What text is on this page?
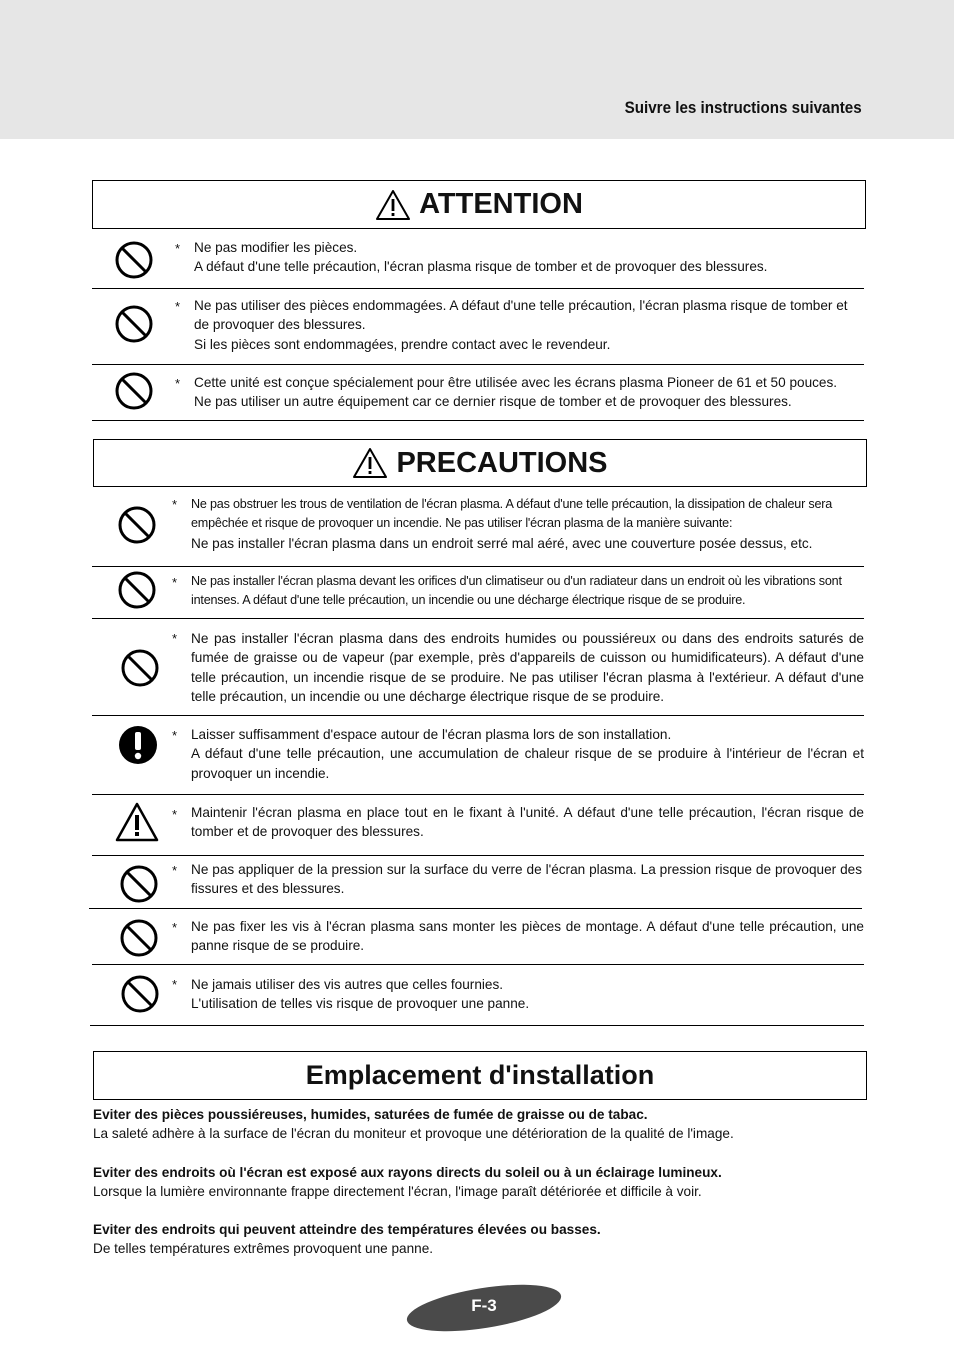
Suivre les instructions suivantes
ATTENTION
* Ne pas modifier les pièces.

A défaut d'une telle précaution, l'écran plasma risque de tomber et de provoquer des blessures.

* Ne pas utiliser des pièces endommagées. A défaut d'une telle précaution, l'écran plasma risque de tomber et de provoquer des blessures.

Si les pièces sont endommagées, prendre contact avec le revendeur.

* Cette unité est conçue spécialement pour être utilisée avec les écrans plasma Pioneer de 61 et 50 pouces.

Ne pas utiliser un autre équipement car ce dernier risque de tomber et de provoquer des blessures.

PRECAUTIONS
* Ne pas obstruer les trous de ventilation de l'écran plasma. A défaut d'une telle précaution, la dissipation de chaleur sera empêchée et risque de provoquer un incendie. Ne pas utiliser l'écran plasma de la manière suivante:

Ne pas installer l'écran plasma dans un endroit serré mal aéré, avec une couverture posée dessus, etc.

* Ne pas installer l'écran plasma devant les orifices d'un climatiseur ou d'un radiateur dans un endroit où les vibrations sont intenses. A défaut d'une telle précaution, un incendie ou une décharge électrique risque de se produire.

* Ne pas installer l'écran plasma dans des endroits humides ou poussiéreux ou dans des endroits saturés de fumée de graisse ou de vapeur (par exemple, près d'appareils de cuisson ou humidificateurs). A défaut d'une telle précaution, un incendie risque de se produire. Ne pas utiliser l'écran plasma à l'extérieur. A défaut d'une telle précaution, un incendie ou une décharge électrique risque de se produire.

* Laisser suffisamment d'espace autour de l'écran plasma lors de son installation.

A défaut d'une telle précaution, une accumulation de chaleur risque de se produire à l'intérieur de l'écran et provoquer un incendie.

* Maintenir l'écran plasma en place tout en le fixant à l'unité. A défaut d'une telle précaution, l'écran risque de tomber et de provoquer des blessures.

* Ne pas appliquer de la pression sur la surface du verre de l'écran plasma. La pression risque de provoquer des fissures et des blessures.

* Ne pas fixer les vis à l'écran plasma sans monter les pièces de montage. A défaut d'une telle précaution, une panne risque de se produire.

* Ne jamais utiliser des vis autres que celles fournies.

L'utilisation de telles vis risque de provoquer une panne.

Emplacement d'installation
Eviter des pièces poussiéreuses, humides, saturées de fumée de graisse ou de tabac.
La saleté adhère à la surface de l'écran du moniteur et provoque une détérioration de la qualité de l'image.
Eviter des endroits où l'écran est exposé aux rayons directs du soleil ou à un éclairage lumineux.
Lorsque la lumière environnante frappe directement l'écran, l'image paraît détériorée et difficile à voir.
Eviter des endroits qui peuvent atteindre des températures élevées ou basses.
De telles températures extrêmes provoquent une panne.
F-3
